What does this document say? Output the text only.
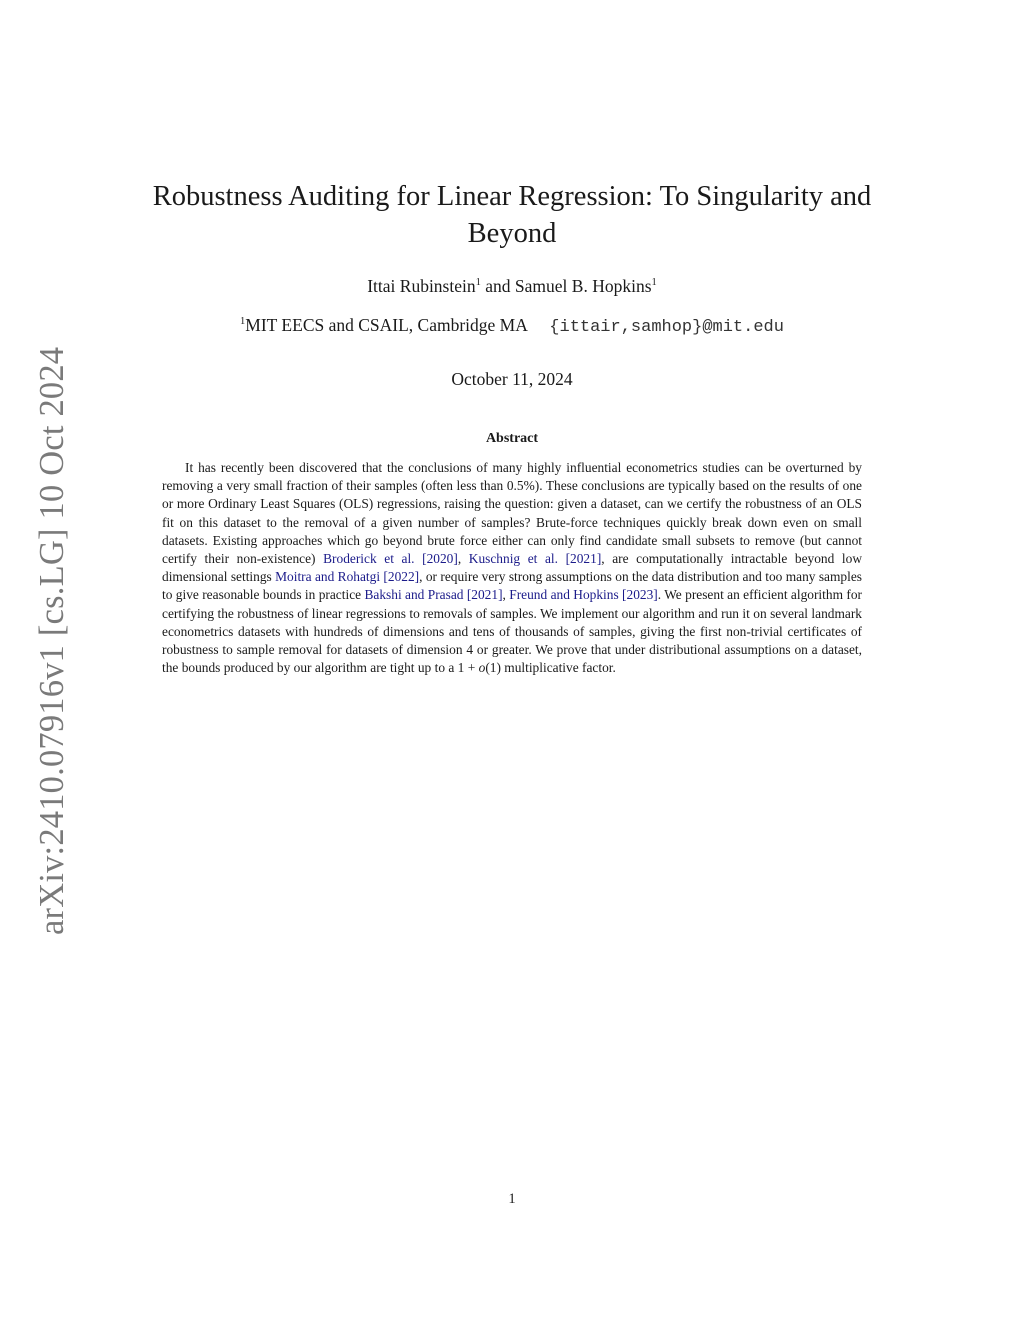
arXiv:2410.07916v1 [cs.LG] 10 Oct 2024
Robustness Auditing for Linear Regression: To Singularity and Beyond
Ittai Rubinstein$^1$ and Samuel B. Hopkins$^1$
$^1$MIT EECS and CSAIL, Cambridge MA {ittair,samhop}@mit.edu
October 11, 2024
Abstract

It has recently been discovered that the conclusions of many highly influential econometrics studies can be overturned by removing a very small fraction of their samples (often less than 0.5%). These conclusions are typically based on the results of one or more Ordinary Least Squares (OLS) regressions, raising the question: given a dataset, can we certify the robustness of an OLS fit on this dataset to the removal of a given number of samples? Brute-force techniques quickly break down even on small datasets. Existing approaches which go beyond brute force either can only find candidate small subsets to remove (but cannot certify their non-existence) Broderick et al. [2020], Kuschnig et al. [2021], are computationally intractable beyond low dimensional settings Moitra and Rohatgi [2022], or require very strong assumptions on the data distribution and too many samples to give reasonable bounds in practice Bakshi and Prasad [2021], Freund and Hopkins [2023]. We present an efficient algorithm for certifying the robustness of linear regressions to removals of samples. We implement our algorithm and run it on several landmark econometrics datasets with hundreds of dimensions and tens of thousands of samples, giving the first non-trivial certificates of robustness to sample removal for datasets of dimension 4 or greater. We prove that under distributional assumptions on a dataset, the bounds produced by our algorithm are tight up to a 1 + o(1) multiplicative factor.

1
